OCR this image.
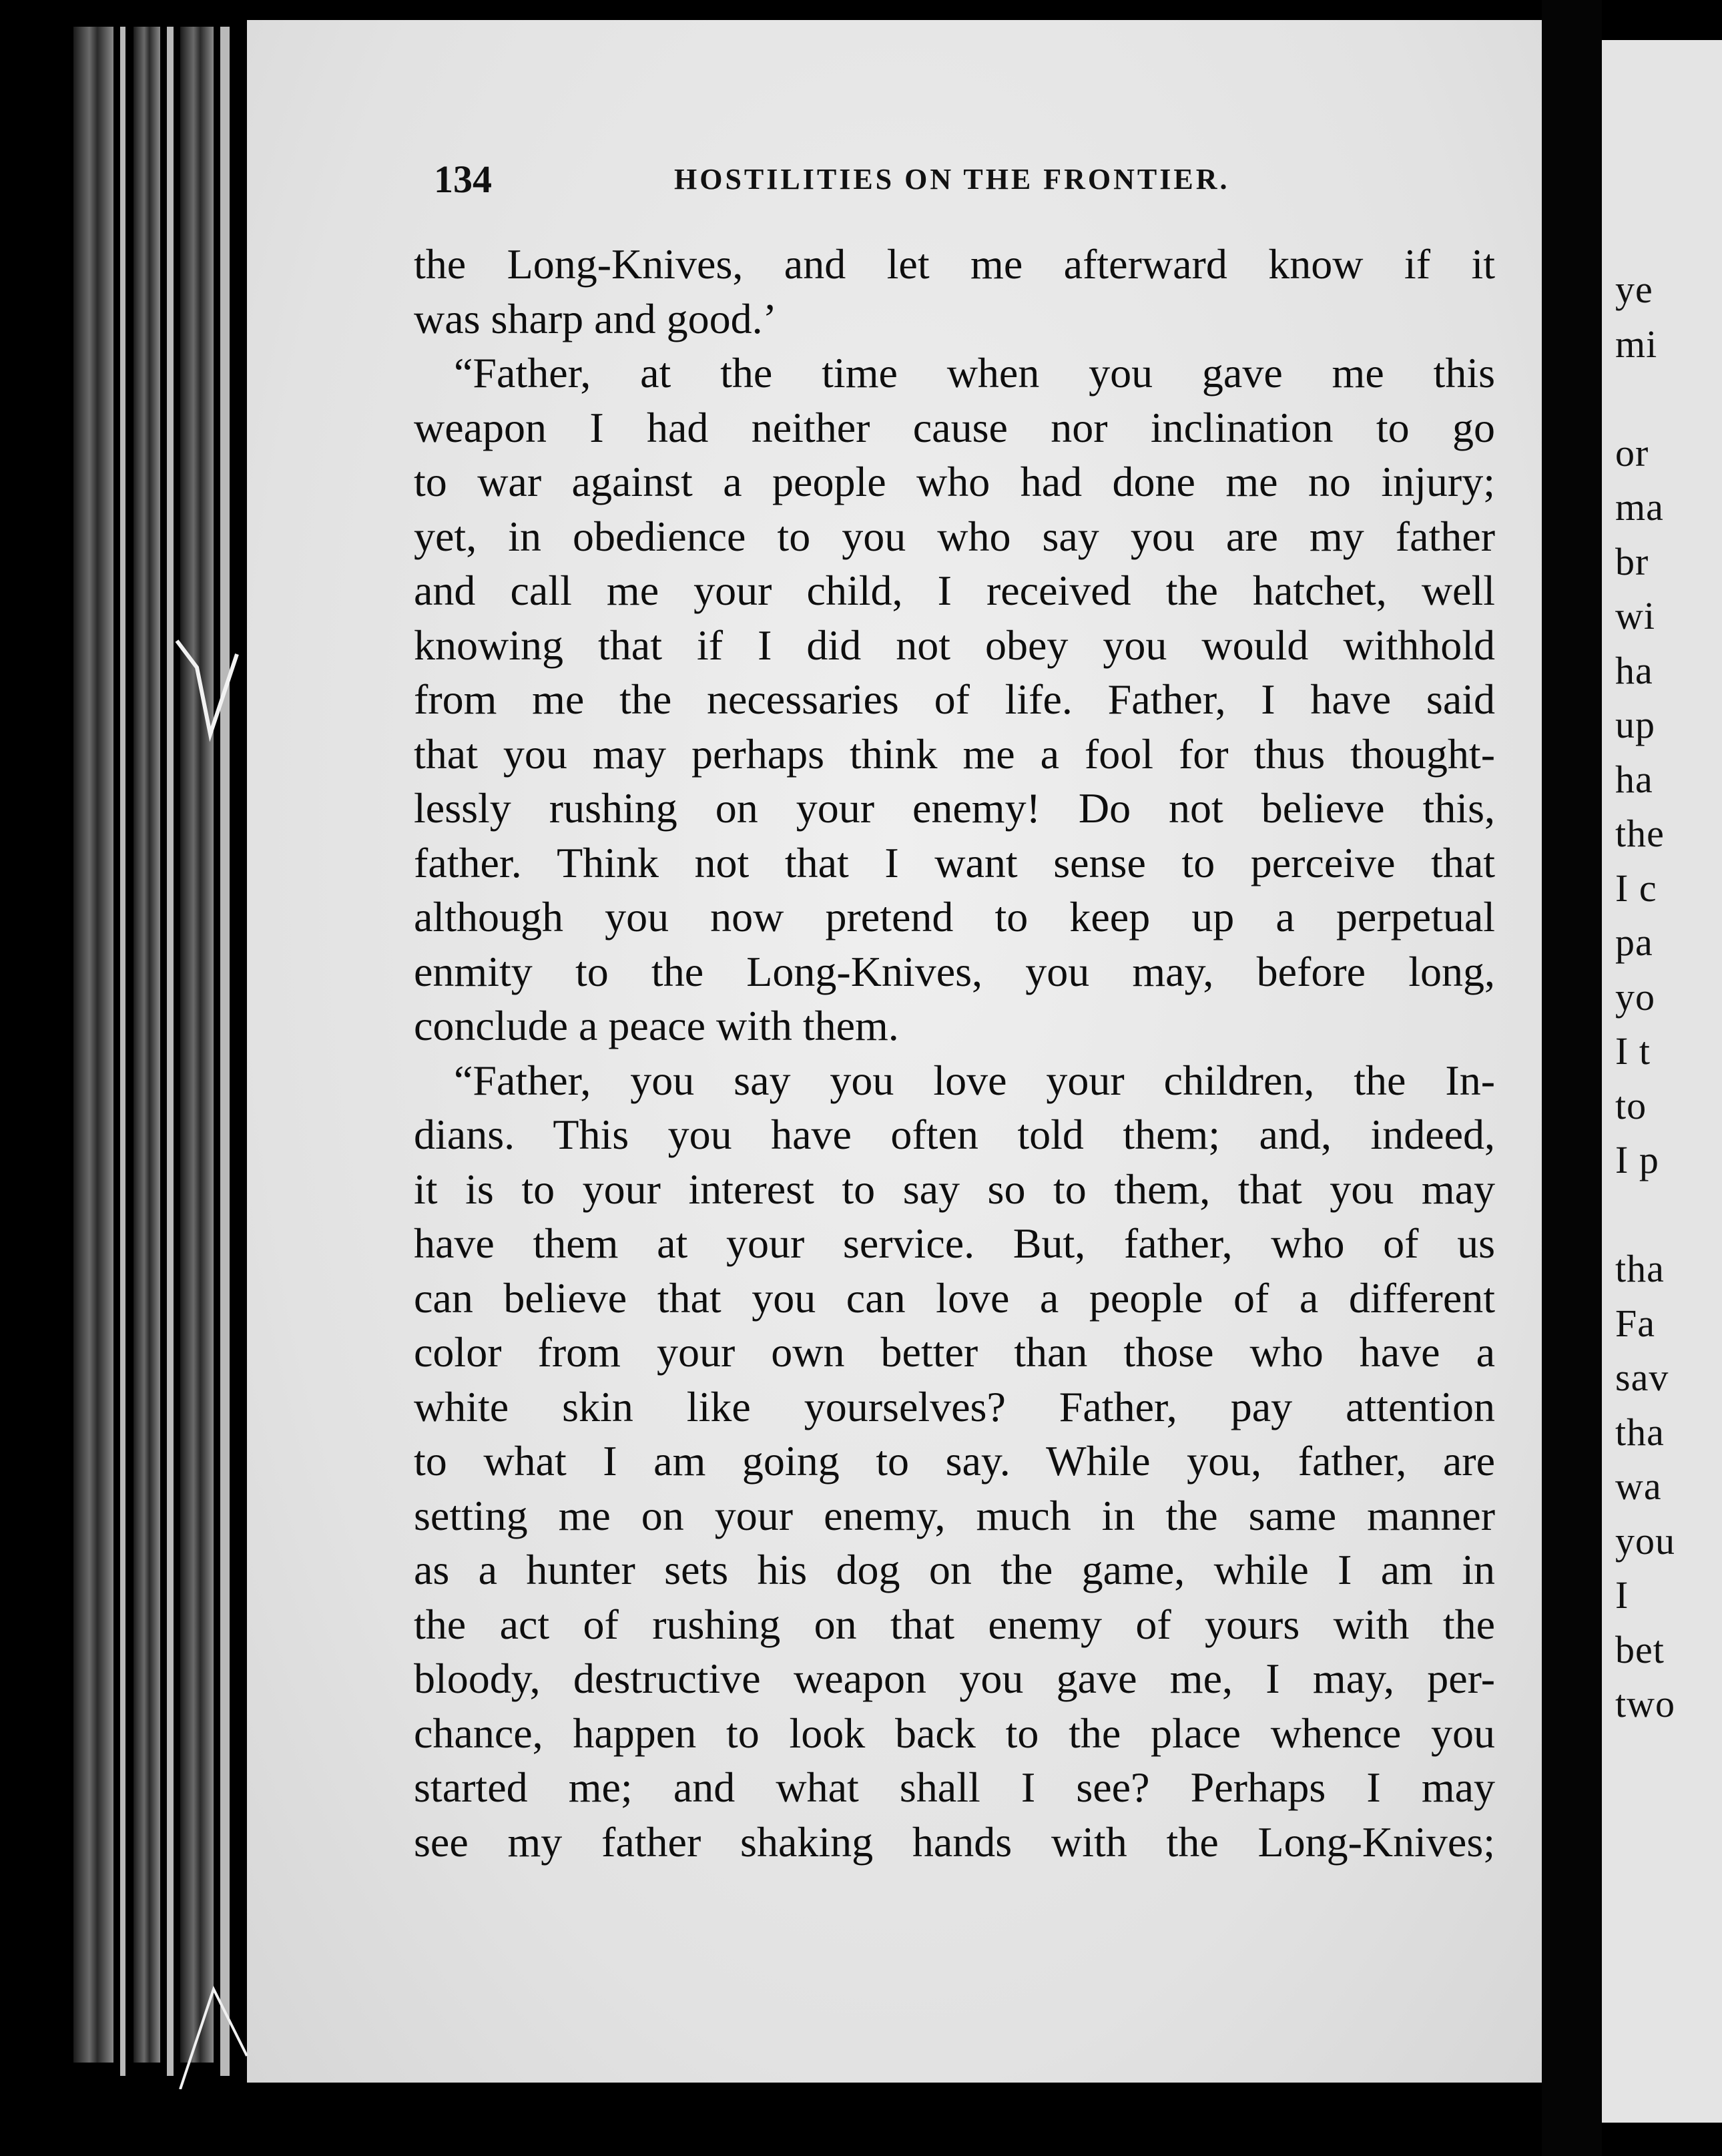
ye
mi
or
ma
br
wi
ha
up
ha
the
I c
pa
yo
I t
to
I p
tha
Fa
sav
tha
wa
you
I
bet
two
134	HOSTILITIES ON THE FRONTIER.
the Long-Knives, and let me afterward know if it
was sharp and good.’
“Father, at the time when you gave me this
weapon I had neither cause nor inclination to go
to war against a people who had done me no injury;
yet, in obedience to you who say you are my father
and call me your child, I received the hatchet, well
knowing that if I did not obey you would withhold
from me the necessaries of life. Father, I have said
that you may perhaps think me a fool for thus thought-
lessly rushing on your enemy! Do not believe this,
father. Think not that I want sense to perceive that
although you now pretend to keep up a perpetual
enmity to the Long-Knives, you may, before long,
conclude a peace with them.
“Father, you say you love your children, the In-
dians. This you have often told them; and, indeed,
it is to your interest to say so to them, that you may
have them at your service. But, father, who of us
can believe that you can love a people of a different
color from your own better than those who have a
white skin like yourselves? Father, pay attention
to what I am going to say. While you, father, are
setting me on your enemy, much in the same manner
as a hunter sets his dog on the game, while I am in
the act of rushing on that enemy of yours with the
bloody, destructive weapon you gave me, I may, per-
chance, happen to look back to the place whence you
started me; and what shall I see? Perhaps I may
see my father shaking hands with the Long-Knives;
